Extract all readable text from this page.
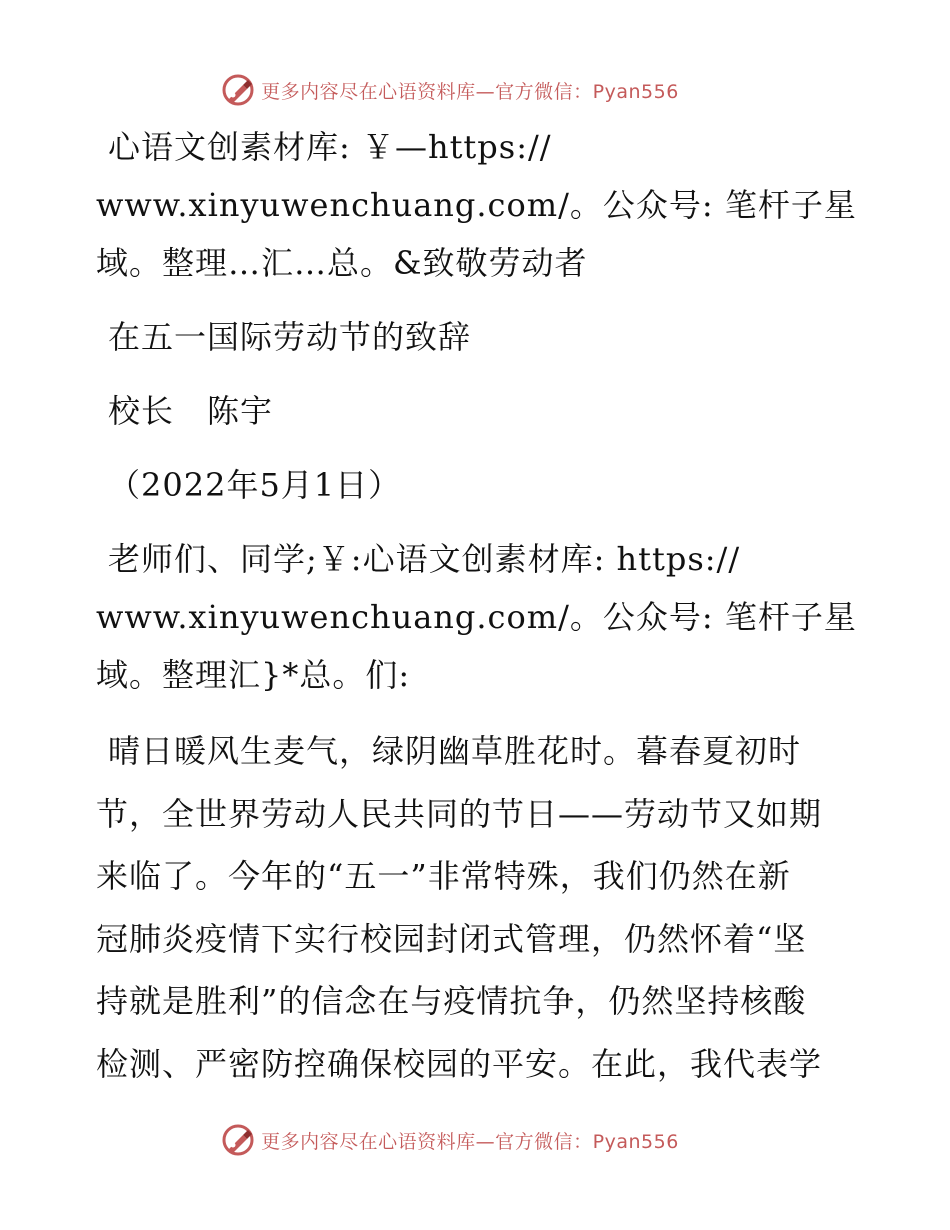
更多内容尽在心语资料库—官方微信：Pyan556
心语文创素材库: ￥—https://
www.xinyuwenchuang.com/。公众号: 笔杆子星
域。整理…汇…总。&致敬劳动者
在五一国际劳动节的致辞
校长　陈宇
（2022年5月1日）
老师们、同学;￥:心语文创素材库: https://
www.xinyuwenchuang.com/。公众号: 笔杆子星
域。整理汇}*总。们:
晴日暖风生麦气，绿阴幽草胜花时。暮春夏初时
节，全世界劳动人民共同的节日——劳动节又如期
来临了。今年的“五一”非常特殊，我们仍然在新
冠肺炎疫情下实行校园封闭式管理，仍然怀着“坚
持就是胜利”的信念在与疫情抗争，仍然坚持核酸
检测、严密防控确保校园的平安。在此，我代表学
更多内容尽在心语资料库—官方微信：Pyan556
